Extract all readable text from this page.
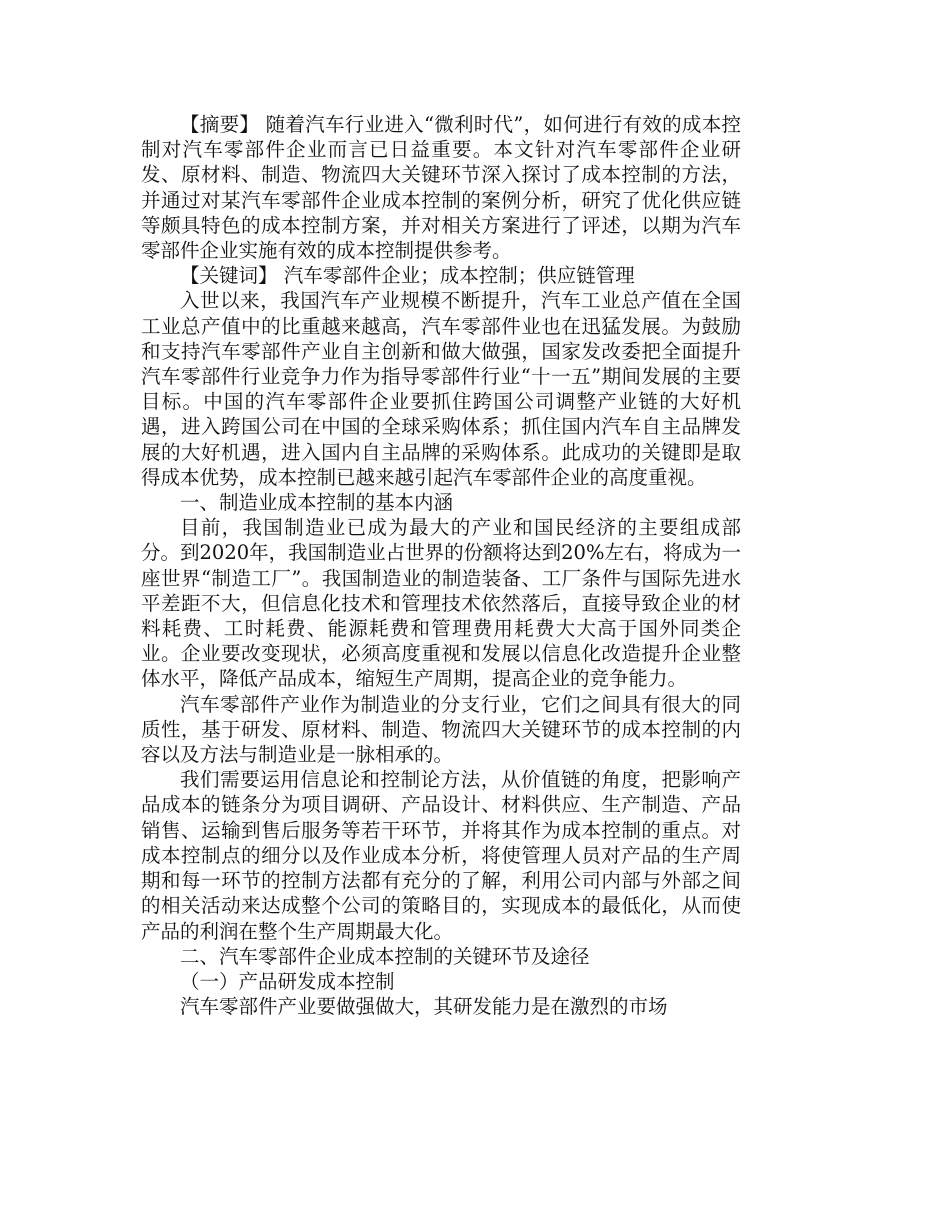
【摘要】 随着汽车行业进入“微利时代”，如何进行有效的成本控制对汽车零部件企业而言已日益重要。本文针对汽车零部件企业研发、原材料、制造、物流四大关键环节深入探讨了成本控制的方法，并通过对某汽车零部件企业成本控制的案例分析，研究了优化供应链等颇具特色的成本控制方案，并对相关方案进行了评述，以期为汽车零部件企业实施有效的成本控制提供参考。

【关键词】 汽车零部件企业；成本控制；供应链管理

入世以来，我国汽车产业规模不断提升，汽车工业总产值在全国工业总产值中的比重越来越高，汽车零部件业也在迅猛发展。为鼓励和支持汽车零部件产业自主创新和做大做强，国家发改委把全面提升汽车零部件行业竞争力作为指导零部件行业“十一五”期间发展的主要目标。中国的汽车零部件企业要抓住跨国公司调整产业链的大好机遇，进入跨国公司在中国的全球采购体系；抓住国内汽车自主品牌发展的大好机遇，进入国内自主品牌的采购体系。此成功的关键即是取得成本优势，成本控制已越来越引起汽车零部件企业的高度重视。

一、制造业成本控制的基本内涵

目前，我国制造业已成为最大的产业和国民经济的主要组成部分。到2020年，我国制造业占世界的份额将达到20%左右，将成为一座世界“制造工厂”。我国制造业的制造装备、工厂条件与国际先进水平差距不大，但信息化技术和管理技术依然落后，直接导致企业的材料耗费、工时耗费、能源耗费和管理费用耗费大大高于国外同类企业。企业要改变现状，必须高度重视和发展以信息化改造提升企业整体水平，降低产品成本，缩短生产周期，提高企业的竞争能力。

汽车零部件产业作为制造业的分支行业，它们之间具有很大的同质性，基于研发、原材料、制造、物流四大关键环节的成本控制的内容以及方法与制造业是一脉相承的。

我们需要运用信息论和控制论方法，从价值链的角度，把影响产品成本的链条分为项目调研、产品设计、材料供应、生产制造、产品销售、运输到售后服务等若干环节，并将其作为成本控制的重点。对成本控制点的细分以及作业成本分析，将使管理人员对产品的生产周期和每一环节的控制方法都有充分的了解，利用公司内部与外部之间的相关活动来达成整个公司的策略目的，实现成本的最低化，从而使产品的利润在整个生产周期最大化。

二、汽车零部件企业成本控制的关键环节及途径

（一）产品研发成本控制

汽车零部件产业要做强做大，其研发能力是在激烈的市场
